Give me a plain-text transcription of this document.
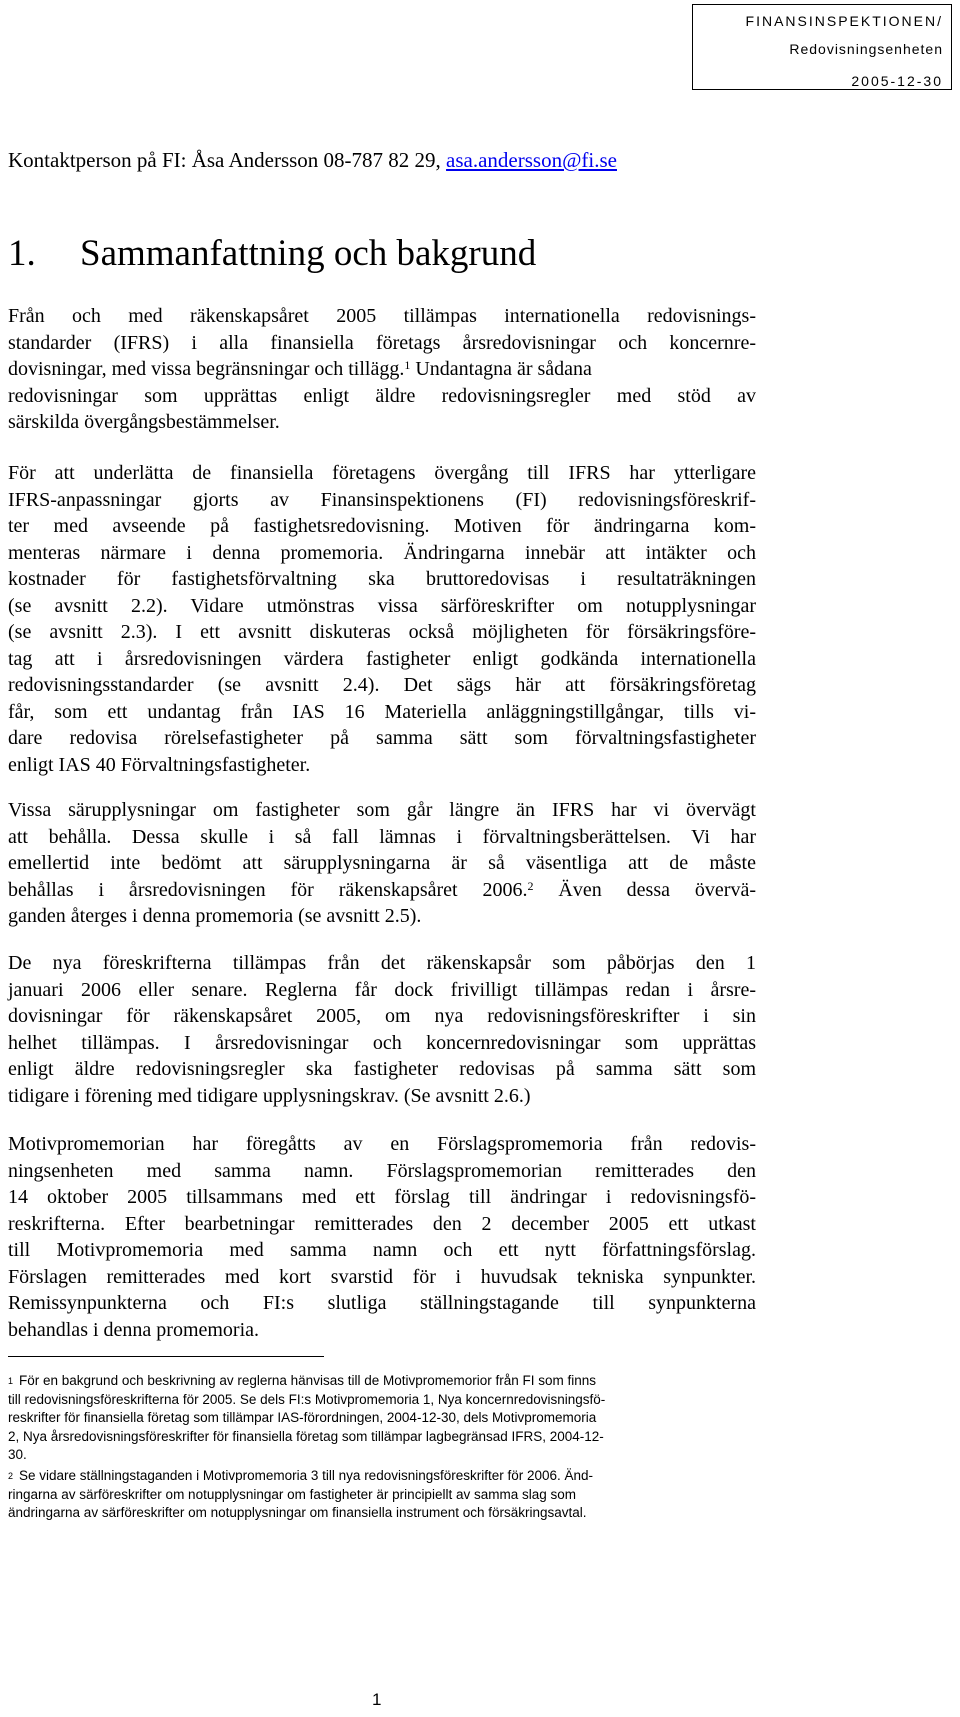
FINANSINSPEKTIONEN/
Redovisningsenheten
2005-12-30
Kontaktperson på FI: Åsa Andersson 08-787 82 29, asa.andersson@fi.se
1. Sammanfattning och bakgrund
Från och med räkenskapsåret 2005 tillämpas internationella redovisnings-
standarder (IFRS) i alla finansiella företags årsredovisningar och koncernre-
dovisningar, med vissa begränsningar och tillägg.$^1$ Undantagna är sådana
redovisningar som upprättas enligt äldre redovisningsregler med stöd av
särskilda övergångsbestämmelser.
För att underlätta de finansiella företagens övergång till IFRS har ytterligare
IFRS-anpassningar gjorts av Finansinspektionens (FI) redovisningsföreskrif-
ter med avseende på fastighetsredovisning. Motiven för ändringarna kom-
menteras närmare i denna promemoria. Ändringarna innebär att intäkter och
kostnader för fastighetsförvaltning ska bruttoredovisas i resultaträkningen
(se avsnitt 2.2). Vidare utmönstras vissa särföreskrifter om notupplysningar
(se avsnitt 2.3). I ett avsnitt diskuteras också möjligheten för försäkringsföre-
tag att i årsredovisningen värdera fastigheter enligt godkända internationella
redovisningsstandarder (se avsnitt 2.4). Det sägs här att försäkringsföretag
får, som ett undantag från IAS 16 Materiella anläggningstillgångar, tills vi-
dare redovisa rörelsefastigheter på samma sätt som förvaltningsfastigheter
enligt IAS 40 Förvaltningsfastigheter.
Vissa särupplysningar om fastigheter som går längre än IFRS har vi övervägt
att behålla. Dessa skulle i så fall lämnas i förvaltningsberättelsen. Vi har
emellertid inte bedömt att särupplysningarna är så väsentliga att de måste
behållas i årsredovisningen för räkenskapsåret 2006.$^2$ Även dessa övervä-
ganden återges i denna promemoria (se avsnitt 2.5).
De nya föreskrifterna tillämpas från det räkenskapsår som påbörjas den 1
januari 2006 eller senare. Reglerna får dock frivilligt tillämpas redan i årsre-
dovisningar för räkenskapsåret 2005, om nya redovisningsföreskrifter i sin
helhet tillämpas. I årsredovisningar och koncernredovisningar som upprättas
enligt äldre redovisningsregler ska fastigheter redovisas på samma sätt som
tidigare i förening med tidigare upplysningskrav. (Se avsnitt 2.6.)
Motivpromemorian har föregåtts av en Förslagspromemoria från redovis-
ningsenheten med samma namn. Förslagspromemorian remitterades den
14 oktober 2005 tillsammans med ett förslag till ändringar i redovisningsfö-
reskrifterna. Efter bearbetningar remitterades den 2 december 2005 ett utkast
till Motivpromemoria med samma namn och ett nytt författningsförslag.
Förslagen remitterades med kort svarstid för i huvudsak tekniska synpunkter.
Remissynpunkterna och FI:s slutliga ställningstagande till synpunkterna
behandlas i denna promemoria.
$^1$ För en bakgrund och beskrivning av reglerna hänvisas till de Motivpromemorior från FI som finns
till redovisningsföreskrifterna för 2005. Se dels FI:s Motivpromemoria 1, Nya koncernredovisningsfö-
reskrifter för finansiella företag som tillämpar IAS-förordningen, 2004-12-30, dels Motivpromemoria
2, Nya årsredovisningsföreskrifter för finansiella företag som tillämpar lagbegränsad IFRS, 2004-12-
30.
$^2$ Se vidare ställningstaganden i Motivpromemoria 3 till nya redovisningsföreskrifter för 2006. Änd-
ringarna av särföreskrifter om notupplysningar om fastigheter är principiellt av samma slag som
ändringarna av särföreskrifter om notupplysningar om finansiella instrument och försäkringsavtal.
1
